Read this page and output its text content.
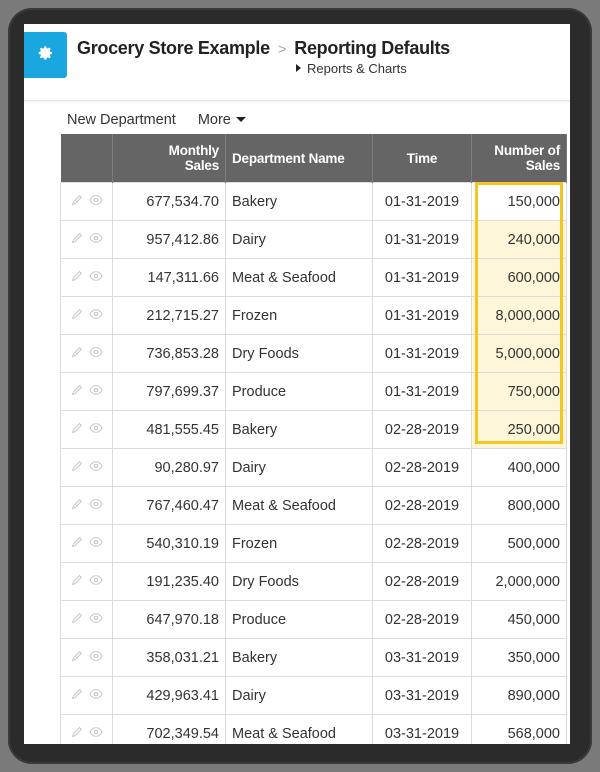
Grocery Store Example > Reporting Defaults
Reports & Charts
New Department More
	Monthly
Sales	Department Name	Time	Number of
Sales

	677,534.70	Bakery	01-31-2019	150,000

	957,412.86	Dairy	01-31-2019	240,000

	147,311.66	Meat & Seafood	01-31-2019	600,000

	212,715.27	Frozen	01-31-2019	8,000,000

	736,853.28	Dry Foods	01-31-2019	5,000,000

	797,699.37	Produce	01-31-2019	750,000

	481,555.45	Bakery	02-28-2019	250,000

	90,280.97	Dairy	02-28-2019	400,000

	767,460.47	Meat & Seafood	02-28-2019	800,000

	540,310.19	Frozen	02-28-2019	500,000

	191,235.40	Dry Foods	02-28-2019	2,000,000

	647,970.18	Produce	02-28-2019	450,000

	358,031.21	Bakery	03-31-2019	350,000

	429,963.41	Dairy	03-31-2019	890,000

	702,349.54	Meat & Seafood	03-31-2019	568,000
